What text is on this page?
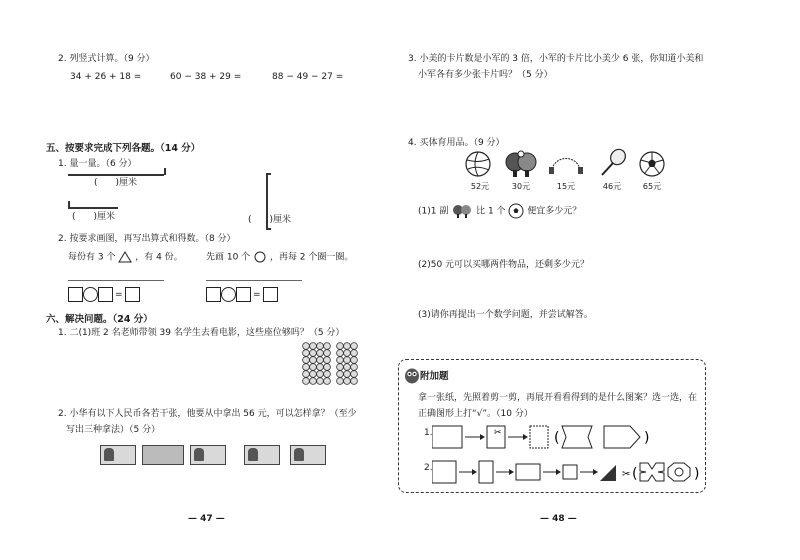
2. 列竖式计算。（9 分）
34 + 26 + 18 =	60 − 38 + 29 =	88 − 49 − 27 =
五、按要求完成下列各题。（14 分）
1. 量一量。（6 分）
(　　)厘米
(　　)厘米	(　　)厘米
2. 按要求画图，再写出算式和得数。（8 分）
每份有 3 个 ，有 4 份。	先画 10 个 ，再每 2 个圈一圈。
=	=
六、解决问题。（24 分）
1. 二(1)班 2 名老师带领 39 名学生去看电影，这些座位够吗？（5 分）
2. 小华有以下人民币各若干张，他要从中拿出 56 元，可以怎样拿？（至少
写出三种拿法）（5 分）
— 47 —
3. 小美的卡片数是小军的 3 倍，小军的卡片比小美少 6 张，你知道小美和
小军各有多少张卡片吗？（5 分）
4. 买体育用品。（9 分）
52元	30元	15元	46元	65元
(1)1 副	比 1 个 便宜多少元？
(2)50 元可以买哪两件物品，还剩多少元？
(3)请你再提出一个数学问题，并尝试解答。
附加题
拿一张纸，先照着剪一剪，再展开看看得到的是什么图案？选一选，在
正确图形上打“√”。（10 分）
1.	✂	(	)
2.
✂ (	)
— 48 —
